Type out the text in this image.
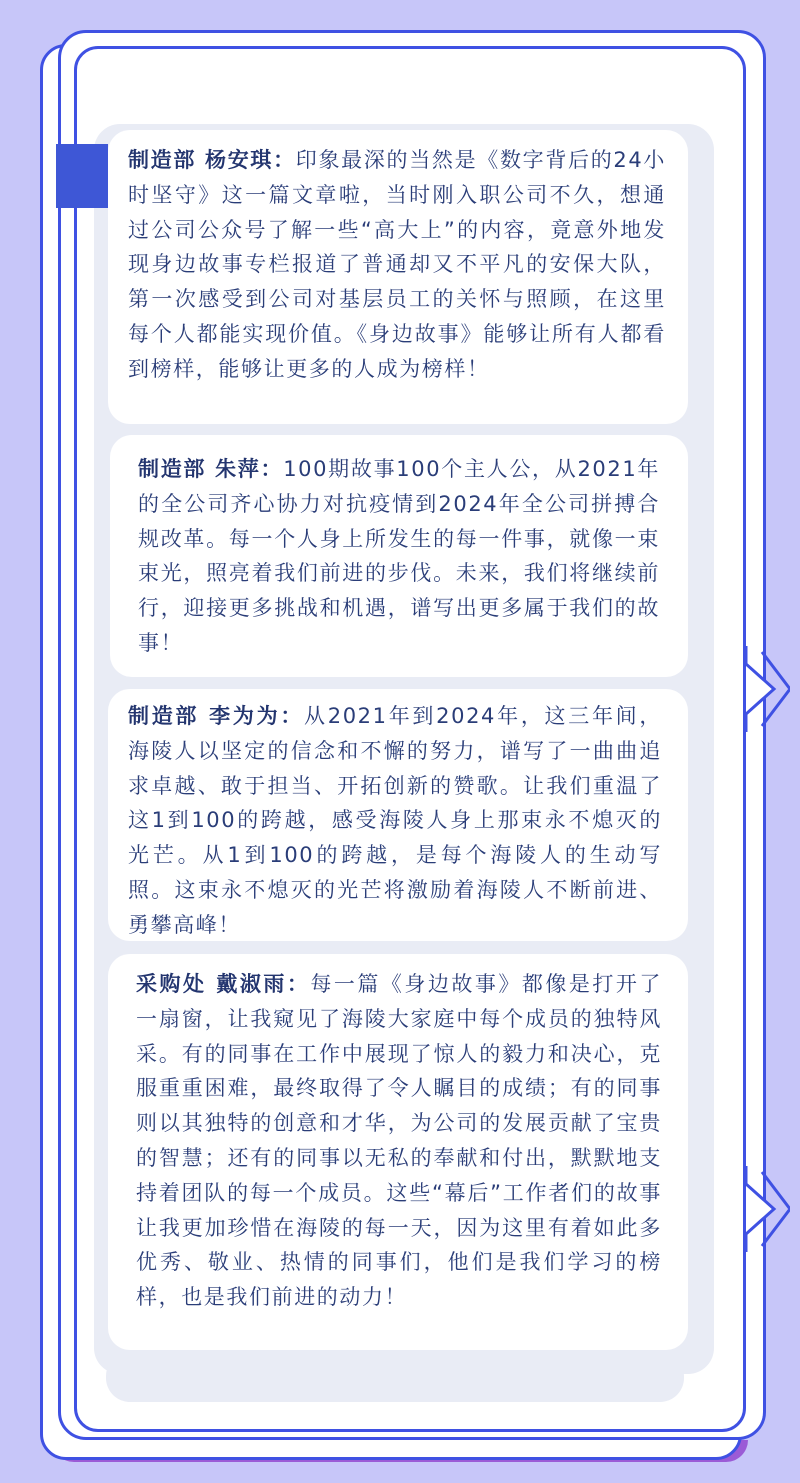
制造部 杨安琪：印象最深的当然是《数字背后的24小时坚守》这一篇文章啦，当时刚入职公司不久，想通过公司公众号了解一些“高大上”的内容，竟意外地发现身边故事专栏报道了普通却又不平凡的安保大队，第一次感受到公司对基层员工的关怀与照顾，在这里每个人都能实现价值。《身边故事》能够让所有人都看到榜样，能够让更多的人成为榜样！

制造部 朱萍：100期故事100个主人公，从2021年的全公司齐心协力对抗疫情到2024年全公司拼搏合规改革。每一个人身上所发生的每一件事，就像一束束光，照亮着我们前进的步伐。未来，我们将继续前行，迎接更多挑战和机遇，谱写出更多属于我们的故事！

制造部 李为为：从2021年到2024年，这三年间，海陵人以坚定的信念和不懈的努力，谱写了一曲曲追求卓越、敢于担当、开拓创新的赞歌。让我们重温了这1到100的跨越，感受海陵人身上那束永不熄灭的光芒。从1到100的跨越，是每个海陵人的生动写照。这束永不熄灭的光芒将激励着海陵人不断前进、勇攀高峰！

采购处 戴淑雨：每一篇《身边故事》都像是打开了一扇窗，让我窥见了海陵大家庭中每个成员的独特风采。有的同事在工作中展现了惊人的毅力和决心，克服重重困难，最终取得了令人瞩目的成绩；有的同事则以其独特的创意和才华，为公司的发展贡献了宝贵的智慧；还有的同事以无私的奉献和付出，默默地支持着团队的每一个成员。这些“幕后”工作者们的故事让我更加珍惜在海陵的每一天，因为这里有着如此多优秀、敬业、热情的同事们，他们是我们学习的榜样，也是我们前进的动力！
